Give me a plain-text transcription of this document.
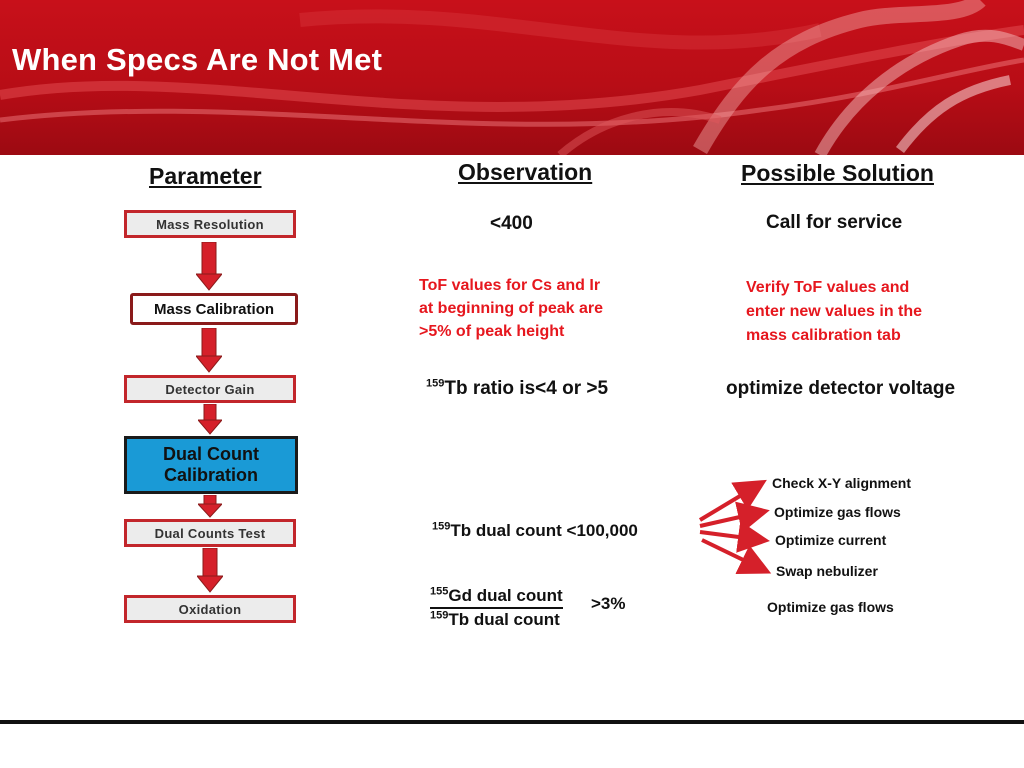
When Specs Are Not Met
Parameter	Observation	Possible Solution
Mass Resolution
Mass Calibration
Detector Gain
Dual Count
Calibration
Dual Counts Test
Oxidation
<400
ToF values for Cs and Ir
at beginning of peak are
>5% of peak height
$^{159}$Tb ratio is<4 or >5
$^{159}$Tb dual count <100,000
$^{155}$Gd dual count
$^{159}$Tb dual count
>3%
Call for service
Verify ToF values and
enter new values in the
mass calibration tab
optimize detector voltage
Check X-Y alignment
Optimize gas flows
Optimize current
Swap nebulizer
Optimize gas flows
